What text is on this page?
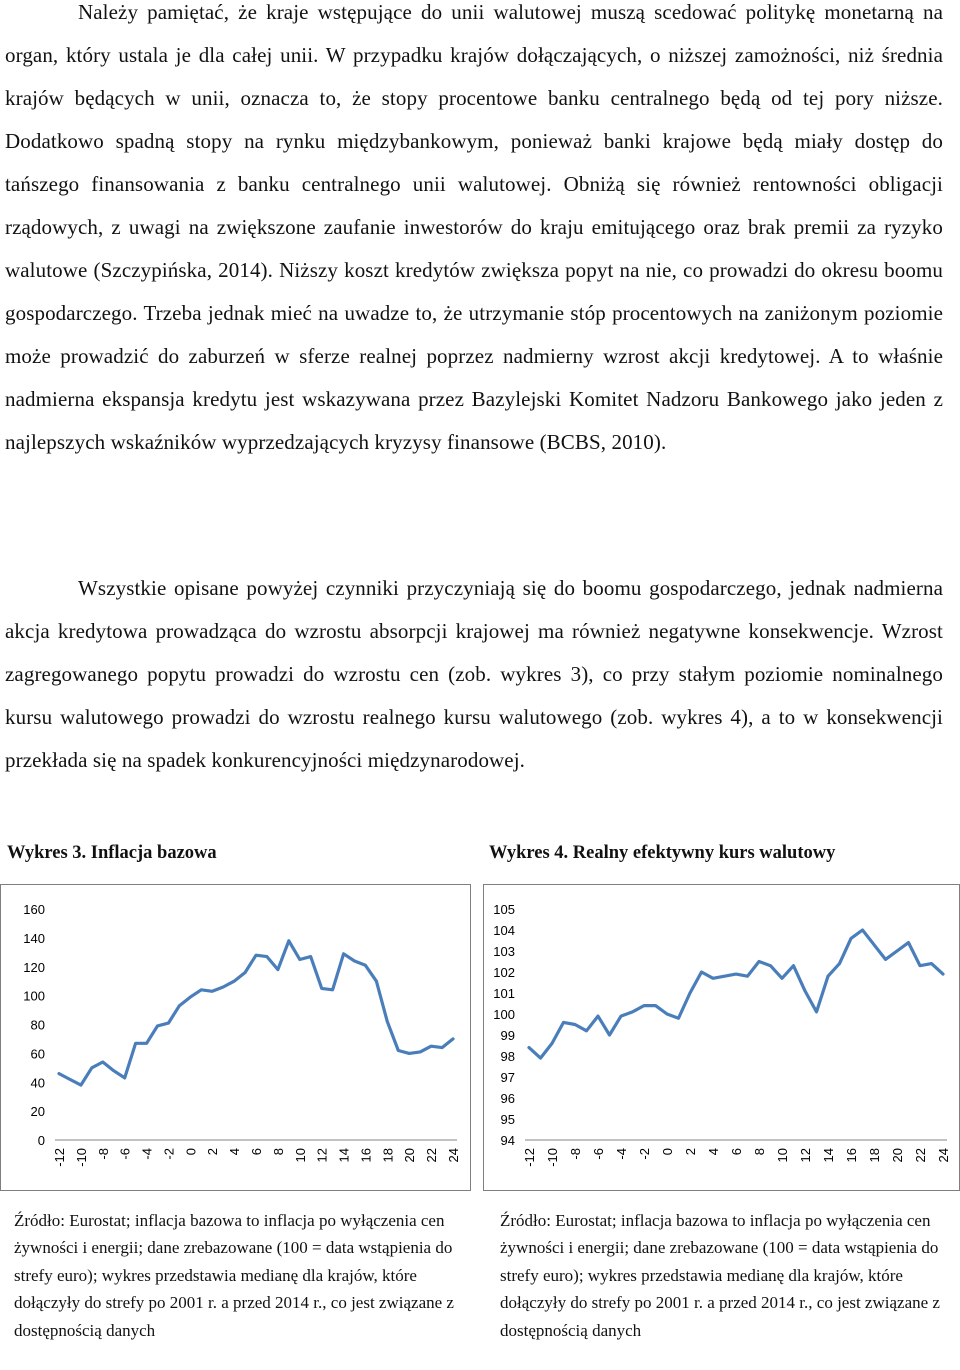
Należy pamiętać, że kraje wstępujące do unii walutowej muszą scedować politykę monetarną na organ, który ustala je dla całej unii. W przypadku krajów dołączających, o niższej zamożności, niż średnia krajów będących w unii, oznacza to, że stopy procentowe banku centralnego będą od tej pory niższe. Dodatkowo spadną stopy na rynku międzybankowym, ponieważ banki krajowe będą miały dostęp do tańszego finansowania z banku centralnego unii walutowej. Obniżą się również rentowności obligacji rządowych, z uwagi na zwiększone zaufanie inwestorów do kraju emitującego oraz brak premii za ryzyko walutowe (Szczypińska, 2014). Niższy koszt kredytów zwiększa popyt na nie, co prowadzi do okresu boomu gospodarczego. Trzeba jednak mieć na uwadze to, że utrzymanie stóp procentowych na zaniżonym poziomie może prowadzić do zaburzeń w sferze realnej poprzez nadmierny wzrost akcji kredytowej. A to właśnie nadmierna ekspansja kredytu jest wskazywana przez Bazylejski Komitet Nadzoru Bankowego jako jeden z najlepszych wskaźników wyprzedzających kryzysy finansowe (BCBS, 2010).

Wszystkie opisane powyżej czynniki przyczyniają się do boomu gospodarczego, jednak nadmierna akcja kredytowa prowadząca do wzrostu absorpcji krajowej ma również negatywne konsekwencje. Wzrost zagregowanego popytu prowadzi do wzrostu cen (zob. wykres 3), co przy stałym poziomie nominalnego kursu walutowego prowadzi do wzrostu realnego kursu walutowego (zob. wykres 4), a to w konsekwencji przekłada się na spadek konkurencyjności międzynarodowej.

Wykres 3. Inflacja bazowa	Wykres 4. Realny efektywny kurs walutowy
0
20
40
60
80
100
120
140
160
-12 -10 -8 -6 -4 -2 0 2 4 6 8 10 12 14 16 18 20 22 24
94
95
96
97
98
99
100
101
102
103
104
105
-12 -10 -8 -6 -4 -2 0 2 4 6 8 10 12 14 16 18 20 22 24

Źródło: Eurostat; inflacja bazowa to inflacja po wyłączenia cen żywności i energii; dane zrebazowane (100 = data wstąpienia do strefy euro); wykres przedstawia medianę dla krajów, które dołączyły do strefy po 2001 r. a przed 2014 r., co jest związane z dostępnością danych

Źródło: Eurostat; inflacja bazowa to inflacja po wyłączenia cen żywności i energii; dane zrebazowane (100 = data wstąpienia do strefy euro); wykres przedstawia medianę dla krajów, które dołączyły do strefy po 2001 r. a przed 2014 r., co jest związane z dostępnością danych
